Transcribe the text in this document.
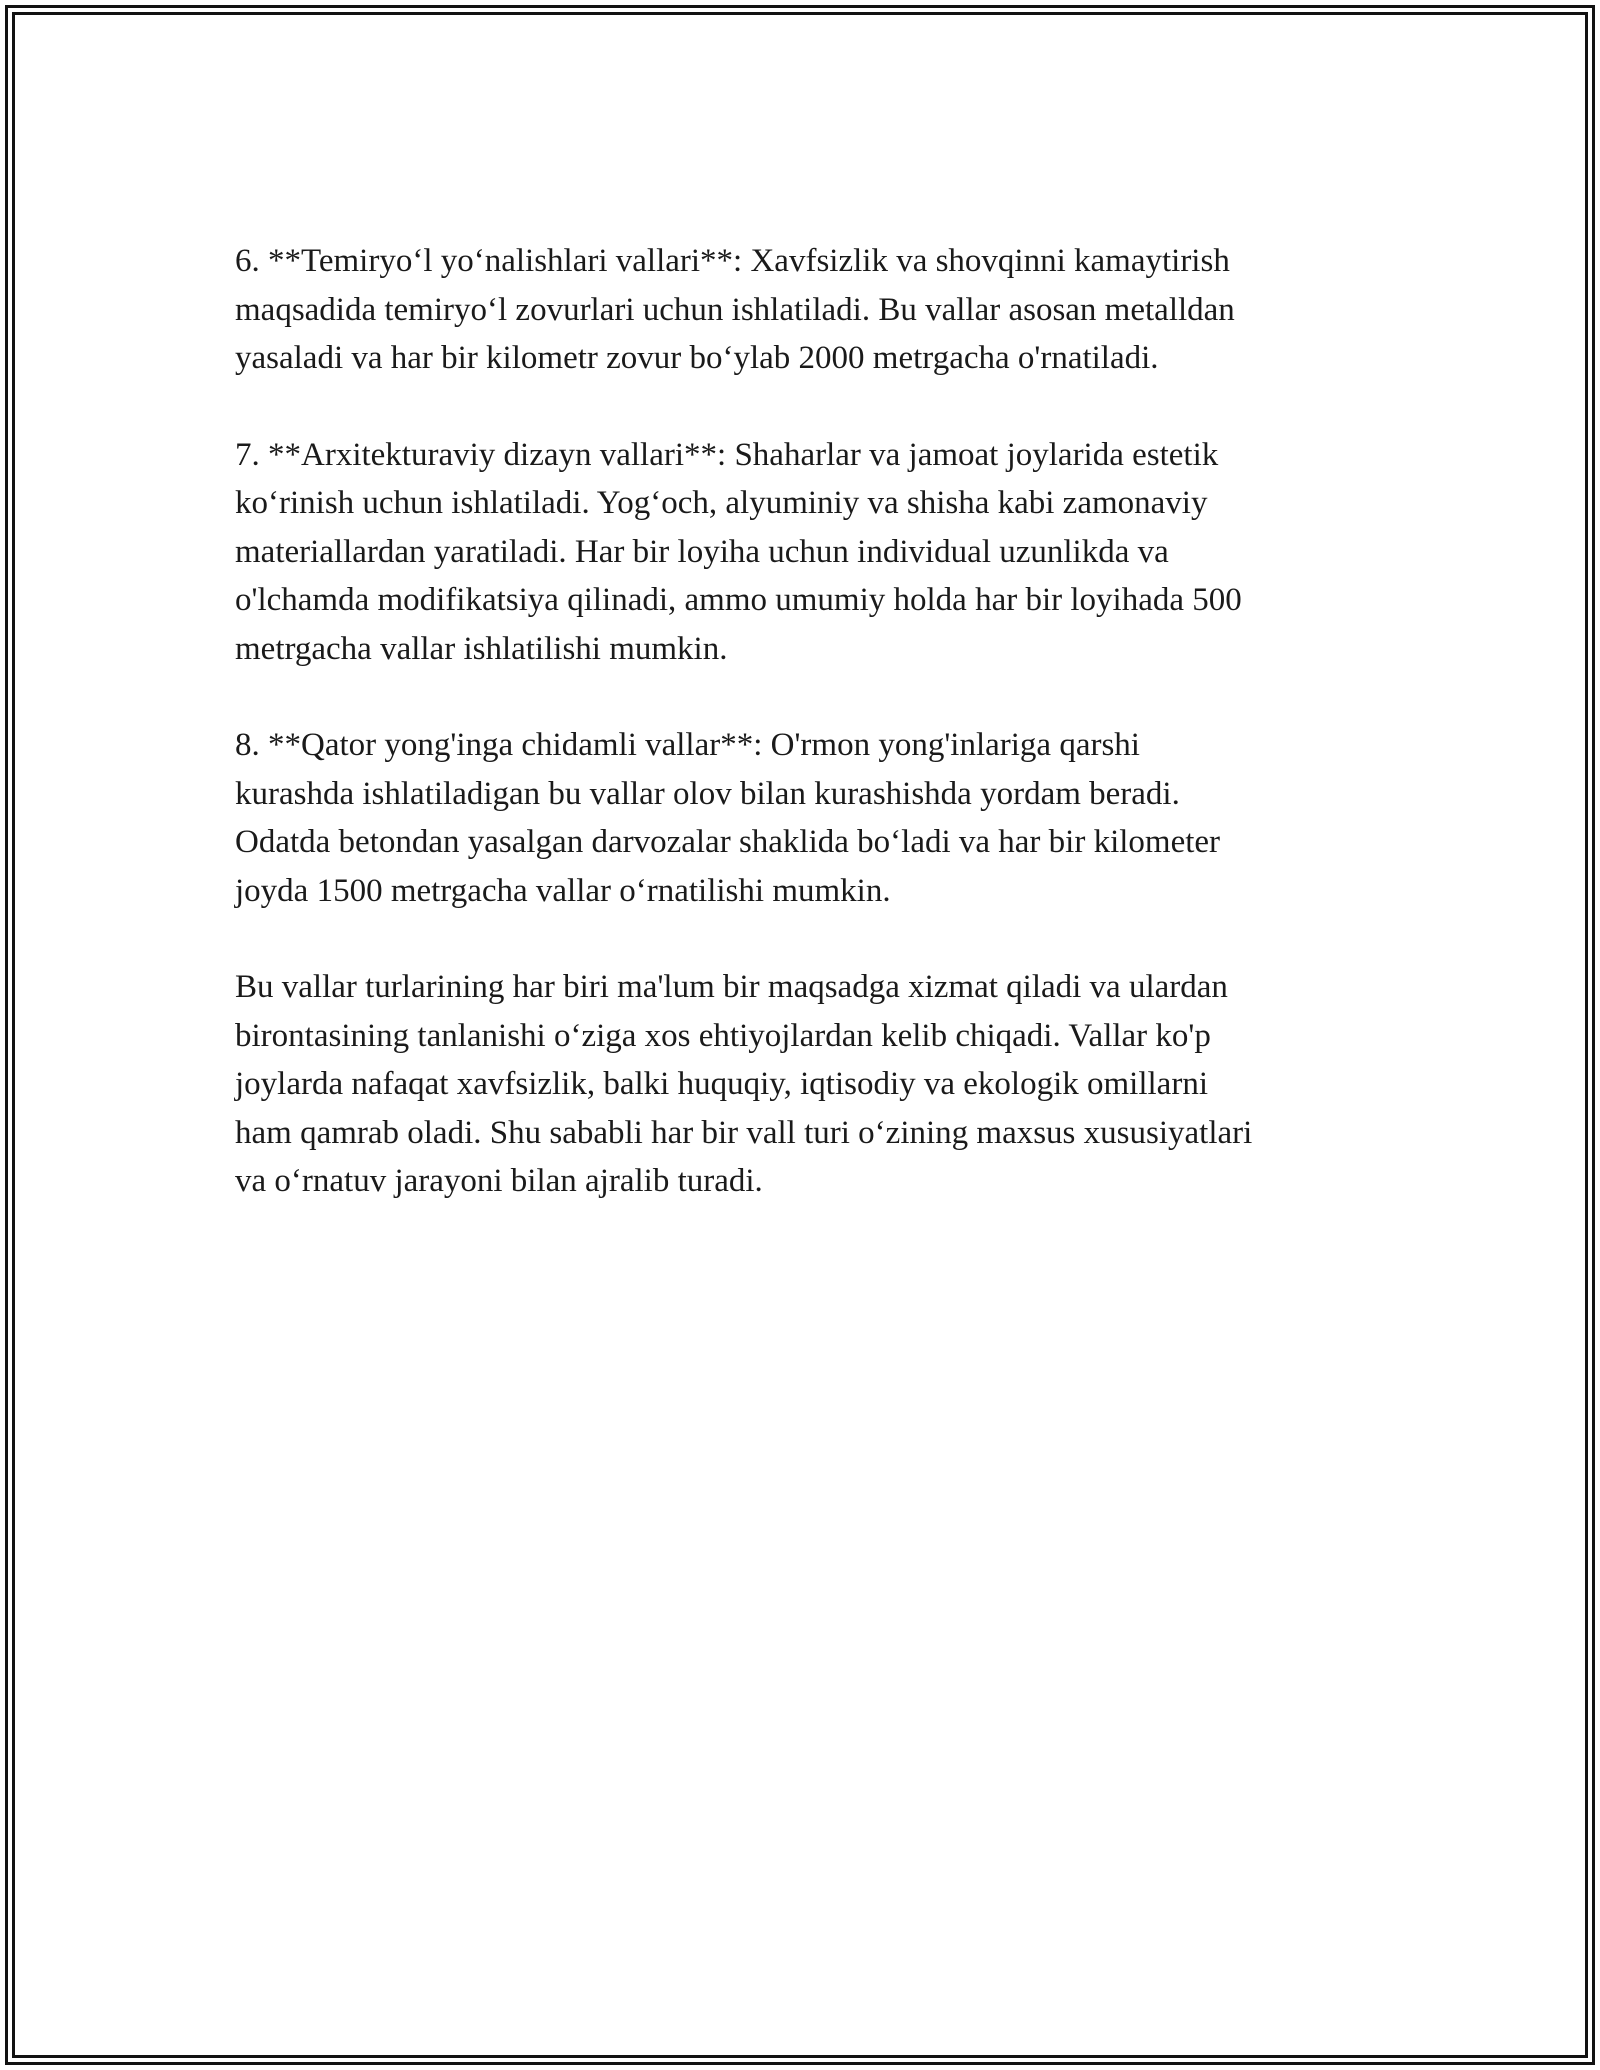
6. **Temiryo‘l yo‘nalishlari vallari**: Xavfsizlik va shovqinni kamaytirish
maqsadida temiryo‘l zovurlari uchun ishlatiladi. Bu vallar asosan metalldan
yasaladi va har bir kilometr zovur bo‘ylab 2000 metrgacha o'rnatiladi.

7. **Arxitekturaviy dizayn vallari**: Shaharlar va jamoat joylarida estetik
ko‘rinish uchun ishlatiladi. Yog‘och, alyuminiy va shisha kabi zamonaviy
materiallardan yaratiladi. Har bir loyiha uchun individual uzunlikda va
o'lchamda modifikatsiya qilinadi, ammo umumiy holda har bir loyihada 500
metrgacha vallar ishlatilishi mumkin.

8. **Qator yong'inga chidamli vallar**: O'rmon yong'inlariga qarshi
kurashda ishlatiladigan bu vallar olov bilan kurashishda yordam beradi.
Odatda betondan yasalgan darvozalar shaklida bo‘ladi va har bir kilometer
joyda 1500 metrgacha vallar o‘rnatilishi mumkin.

Bu vallar turlarining har biri ma'lum bir maqsadga xizmat qiladi va ulardan
birontasining tanlanishi o‘ziga xos ehtiyojlardan kelib chiqadi. Vallar ko'p
joylarda nafaqat xavfsizlik, balki huquqiy, iqtisodiy va ekologik omillarni
ham qamrab oladi. Shu sababli har bir vall turi o‘zining maxsus xususiyatlari
va o‘rnatuv jarayoni bilan ajralib turadi.
